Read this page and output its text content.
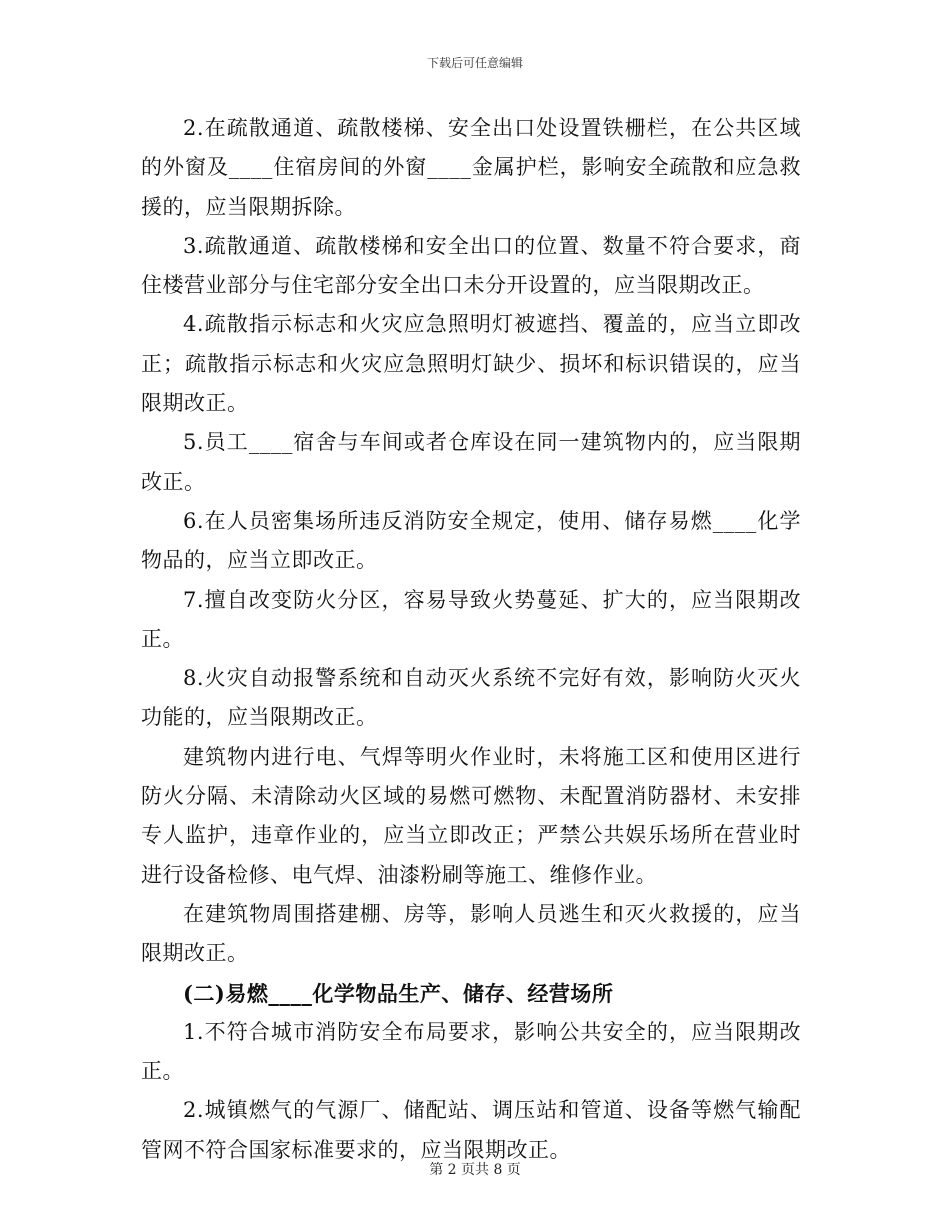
下载后可任意编辑

2.在疏散通道、疏散楼梯、安全出口处设置铁栅栏，在公共区域的外窗及____住宿房间的外窗____金属护栏，影响安全疏散和应急救援的，应当限期拆除。

3.疏散通道、疏散楼梯和安全出口的位置、数量不符合要求，商住楼营业部分与住宅部分安全出口未分开设置的，应当限期改正。

4.疏散指示标志和火灾应急照明灯被遮挡、覆盖的，应当立即改正；疏散指示标志和火灾应急照明灯缺少、损坏和标识错误的，应当限期改正。

5.员工____宿舍与车间或者仓库设在同一建筑物内的，应当限期改正。

6.在人员密集场所违反消防安全规定，使用、储存易燃____化学物品的，应当立即改正。

7.擅自改变防火分区，容易导致火势蔓延、扩大的，应当限期改正。

8.火灾自动报警系统和自动灭火系统不完好有效，影响防火灭火功能的，应当限期改正。

建筑物内进行电、气焊等明火作业时，未将施工区和使用区进行防火分隔、未清除动火区域的易燃可燃物、未配置消防器材、未安排专人监护，违章作业的，应当立即改正；严禁公共娱乐场所在营业时进行设备检修、电气焊、油漆粉刷等施工、维修作业。

在建筑物周围搭建棚、房等，影响人员逃生和灭火救援的，应当限期改正。

(二)易燃____化学物品生产、储存、经营场所

1.不符合城市消防安全布局要求，影响公共安全的，应当限期改正。

2.城镇燃气的气源厂、储配站、调压站和管道、设备等燃气输配管网不符合国家标准要求的，应当限期改正。

第 2 页共 8 页
